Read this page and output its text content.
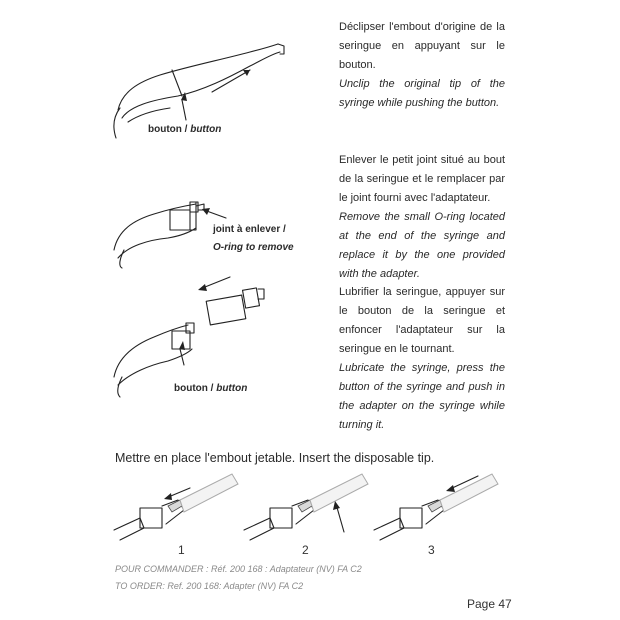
bouton / button
Déclipser l'embout d'origine de la seringue en appuyant sur le bouton.
Unclip the original tip of the syringe while pushing the button.
joint à enlever /
O-ring to remove
Enlever le petit joint situé au bout de la seringue et le remplacer par le joint fourni avec l'adaptateur.
Remove the small O-ring located at the end of the syringe and replace it by the one provided with the adapter.
bouton / button
Lubrifier la seringue, appuyer sur le bouton de la seringue et enfoncer l'adaptateur sur la seringue en le tournant.
Lubricate the syringe, press the button of the syringe and push in the adapter on the syringe while turning it.
Mettre en place l'embout jetable. Insert the disposable tip.
1	2	3
POUR COMMANDER : Réf. 200 168 : Adaptateur (NV) FA C2
TO ORDER: Ref. 200 168: Adapter (NV) FA C2
Page 47
